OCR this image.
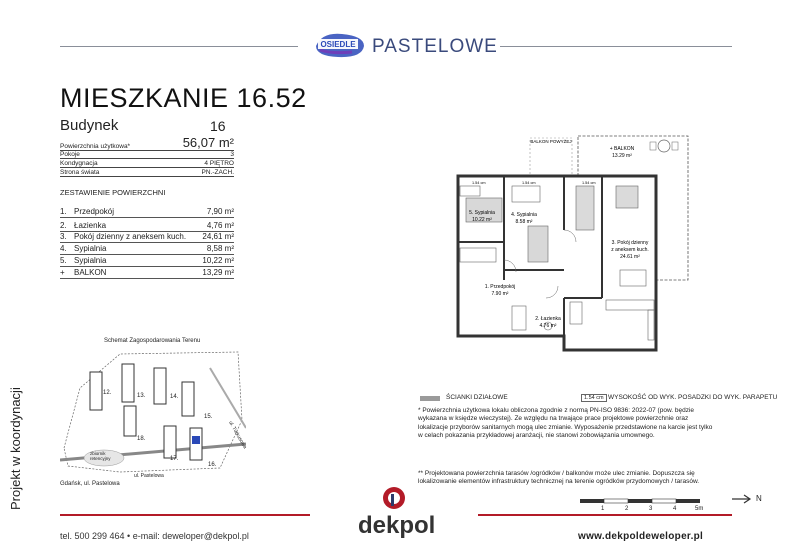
OSIEDLE PASTELOWE
MIESZKANIE 16.52
Budynek	16
Powierzchnia użytkowa*	56,07 m²
Pokoje	3
Kondygnacja	4 PIĘTRO
Strona świata	PN.-ZACH.
ZESTAWIENIE POWIERZCHNI
1. Przedpokój	7,90 m²
2. Łazienka	4,76 m²
3. Pokój dzienny z aneksem kuch. 24,61 m²
4. Sypialnia	8,58 m²
5. Sypialnia	10,22 m²
+ BALKON	13,29 m²
BALKON POWYŻEJ
+ BALKON
13.29 m²
1.54 cm	1.54 cm	1.54 cm
5. Sypialnia
10.22 m²
4. Sypialnia
8.58 m²
3. Pokój dzienny
z aneksem kuch.
24.61 m²
1. Przedpokój
7.90 m²
2. Łazienka
4.76 m²
ŚCIANKI DZIAŁOWE	1.54 cm WYSOKOŚĆ OD WYK. POSADZKI DO WYK. PARAPETU
* Powierzchnia użytkowa lokalu obliczona zgodnie z normą PN-ISO 9836: 2022-07 (pow. będzie wykazana w księdze wieczystej). Ze względu na trwające prace projektowe powierzchnie oraz lokalizacje przyborów sanitarnych mogą ulec zmianie. Wyposażenie przedstawione na karcie jest tylko w celach pokazania przykładowej aranżacji, nie stanowi zobowiązania umownego.
** Projektowana powierzchnia tarasów /ogródków / balkonów może ulec zmianie. Dopuszcza się lokalizowanie elementów infrastruktury technicznej na terenie ogródków przydomowych / tarasów.
1	2	3	4	5m
N
Schemat Zagospodarowania Terenu
12.	13.	14.
15.
16.
17.
18.
ul. Pastelowa
ul. Turkusowa
zbiornik retencyjny
Gdańsk, ul. Pastelowa
Projekt w koordynacji
dekpol
tel. 500 299 464 • e-mail: deweloper@dekpol.pl	www.dekpoldeweloper.pl
